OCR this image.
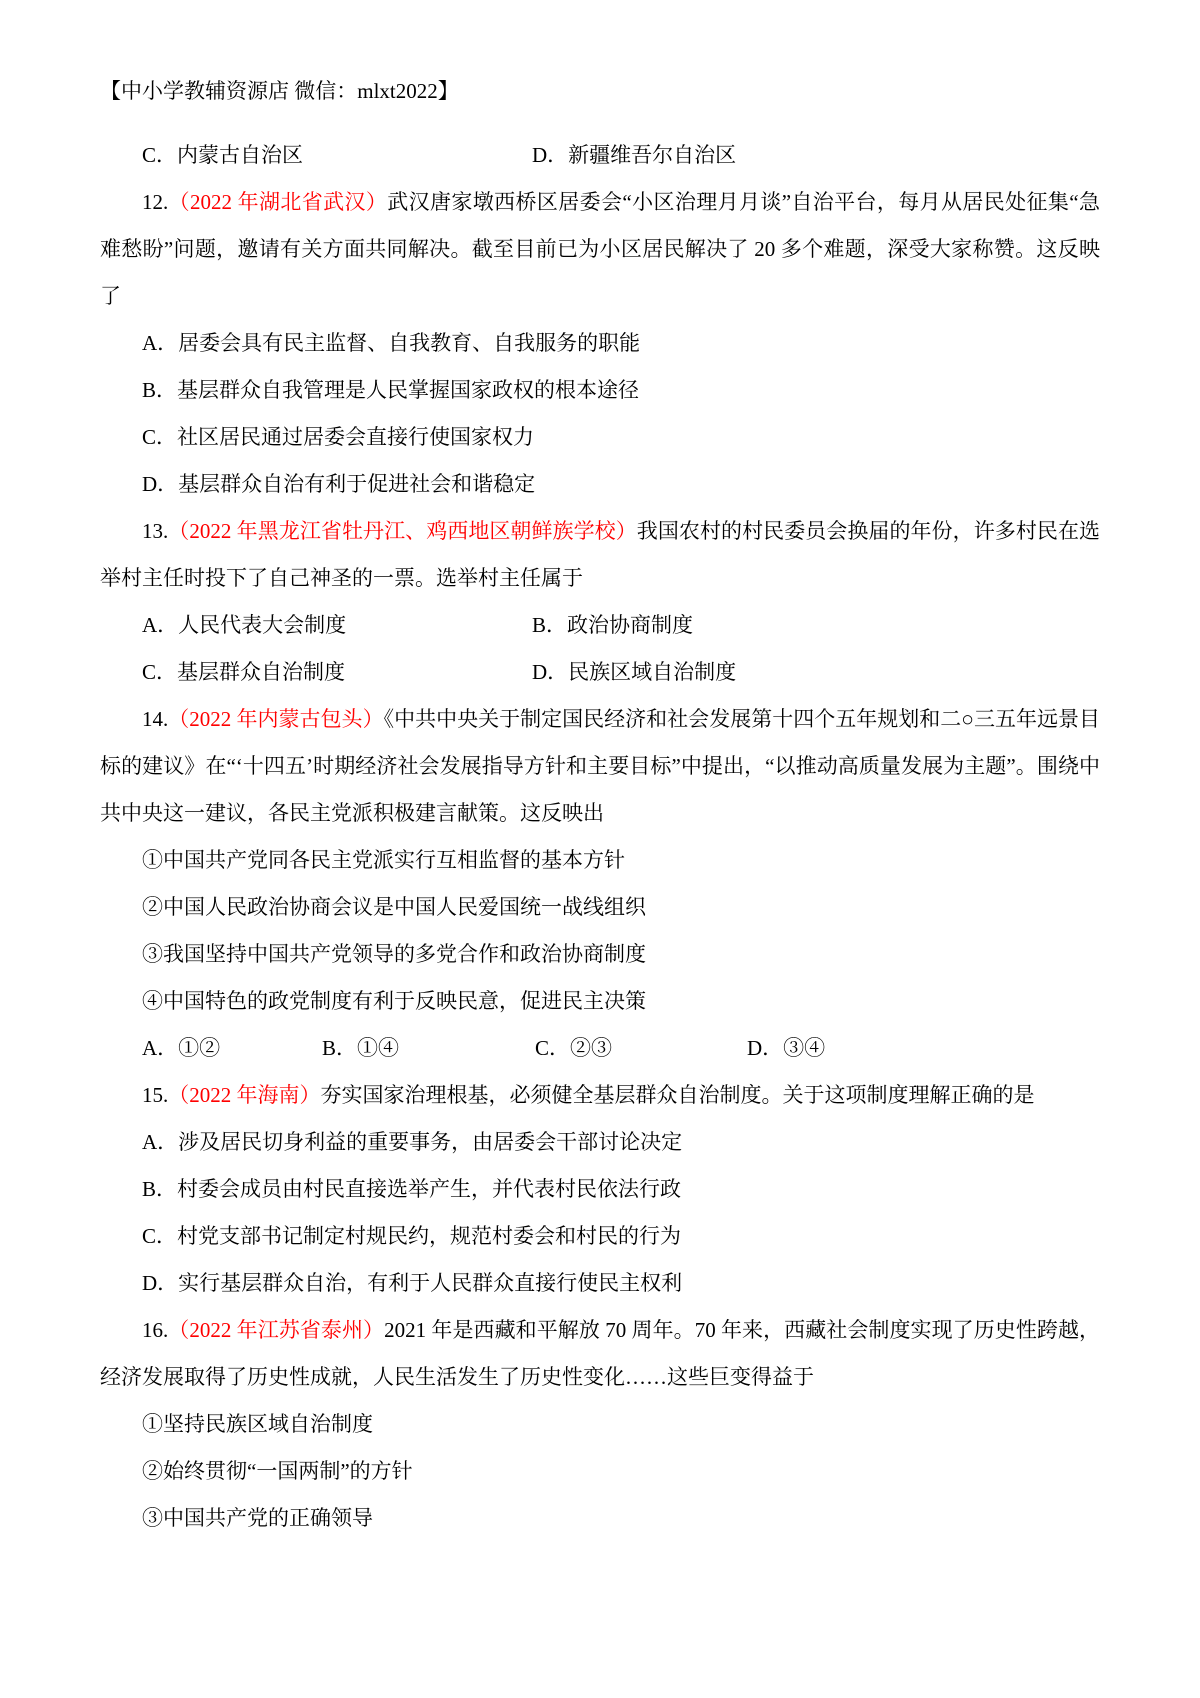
【中小学教辅资源店 微信：mlxt2022】
C．内蒙古自治区	D．新疆维吾尔自治区

12.（2022 年湖北省武汉）武汉唐家墩西桥区居委会“小区治理月月谈”自治平台，每月从居民处征集“急难愁盼”问题，邀请有关方面共同解决。截至目前已为小区居民解决了 20 多个难题，深受大家称赞。这反映了

A．居委会具有民主监督、自我教育、自我服务的职能

B．基层群众自我管理是人民掌握国家政权的根本途径

C．社区居民通过居委会直接行使国家权力

D．基层群众自治有利于促进社会和谐稳定

13.（2022 年黑龙江省牡丹江、鸡西地区朝鲜族学校）我国农村的村民委员会换届的年份，许多村民在选举村主任时投下了自己神圣的一票。选举村主任属于

A．人民代表大会制度	B．政治协商制度
C．基层群众自治制度	D．民族区域自治制度

14.（2022 年内蒙古包头）《中共中央关于制定国民经济和社会发展第十四个五年规划和二○三五年远景目标的建议》在“‘十四五’时期经济社会发展指导方针和主要目标”中提出，“以推动高质量发展为主题”。围绕中共中央这一建议，各民主党派积极建言献策。这反映出

①中国共产党同各民主党派实行互相监督的基本方针

②中国人民政治协商会议是中国人民爱国统一战线组织

③我国坚持中国共产党领导的多党合作和政治协商制度

④中国特色的政党制度有利于反映民意，促进民主决策

A．①②	B．①④	C．②③	D．③④

15.（2022 年海南）夯实国家治理根基，必须健全基层群众自治制度。关于这项制度理解正确的是

A．涉及居民切身利益的重要事务，由居委会干部讨论决定

B．村委会成员由村民直接选举产生，并代表村民依法行政

C．村党支部书记制定村规民约，规范村委会和村民的行为

D．实行基层群众自治，有利于人民群众直接行使民主权利

16.（2022 年江苏省泰州）2021 年是西藏和平解放 70 周年。70 年来，西藏社会制度实现了历史性跨越，经济发展取得了历史性成就，人民生活发生了历史性变化……这些巨变得益于

①坚持民族区域自治制度

②始终贯彻“一国两制”的方针

③中国共产党的正确领导
